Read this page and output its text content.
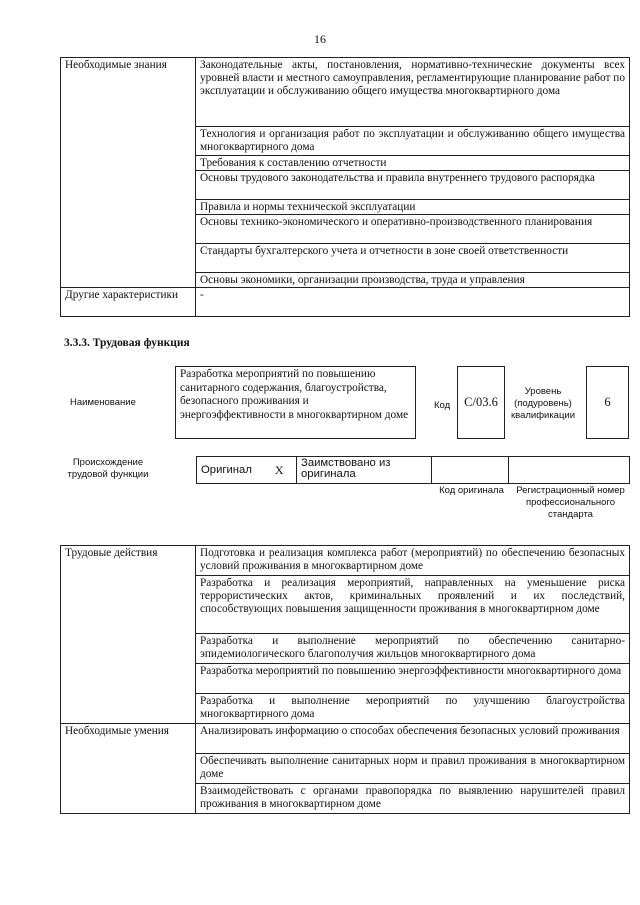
16
Необходимые знания	Законодательные акты, постановления, нормативно-технические документы всех уровней власти и местного самоуправления, регламентирующие планирование работ по эксплуатации и обслуживанию общего имущества многоквартирного дома
	Технология и организация работ по эксплуатации и обслуживанию общего имущества многоквартирного дома
	Требования к составлению отчетности
	Основы трудового законодательства и правила внутреннего трудового распорядка
	Правила и нормы технической эксплуатации
	Основы технико-экономического и оперативно-производственного планирования
	Стандарты бухгалтерского учета и отчетности в зоне своей ответственности
	Основы экономики, организации производства, труда и управления
Другие характеристики	-
3.3.3. Трудовая функция
Наименование
Разработка мероприятий по повышению санитарного содержания, благоустройства, безопасного проживания и энергоэффективности в многоквартирном доме
Код	C/03.6
Уровень (подуровень) квалификации
6
Происхождение трудовой функции	Оригинал	X	Заимствовано из оригинала		
Код оригинала	Регистрационный номер профессионального стандарта
Трудовые действия	Подготовка и реализация комплекса работ (мероприятий) по обеспечению безопасных условий проживания в многоквартирном доме
	Разработка и реализация мероприятий, направленных на уменьшение риска террористических актов, криминальных проявлений и их последствий, способствующих повышения защищенности проживания в многоквартирном доме
	Разработка и выполнение мероприятий по обеспечению санитарно-эпидемиологического благополучия жильцов многоквартирного дома
	Разработка мероприятий по повышению энергоэффективности многоквартирного дома
	Разработка и выполнение мероприятий по улучшению благоустройства многоквартирного дома
Необходимые умения	Анализировать информацию о способах обеспечения безопасных условий проживания
	Обеспечивать выполнение санитарных норм и правил проживания в многоквартирном доме
	Взаимодействовать с органами правопорядка по выявлению нарушителей правил проживания в многоквартирном доме
